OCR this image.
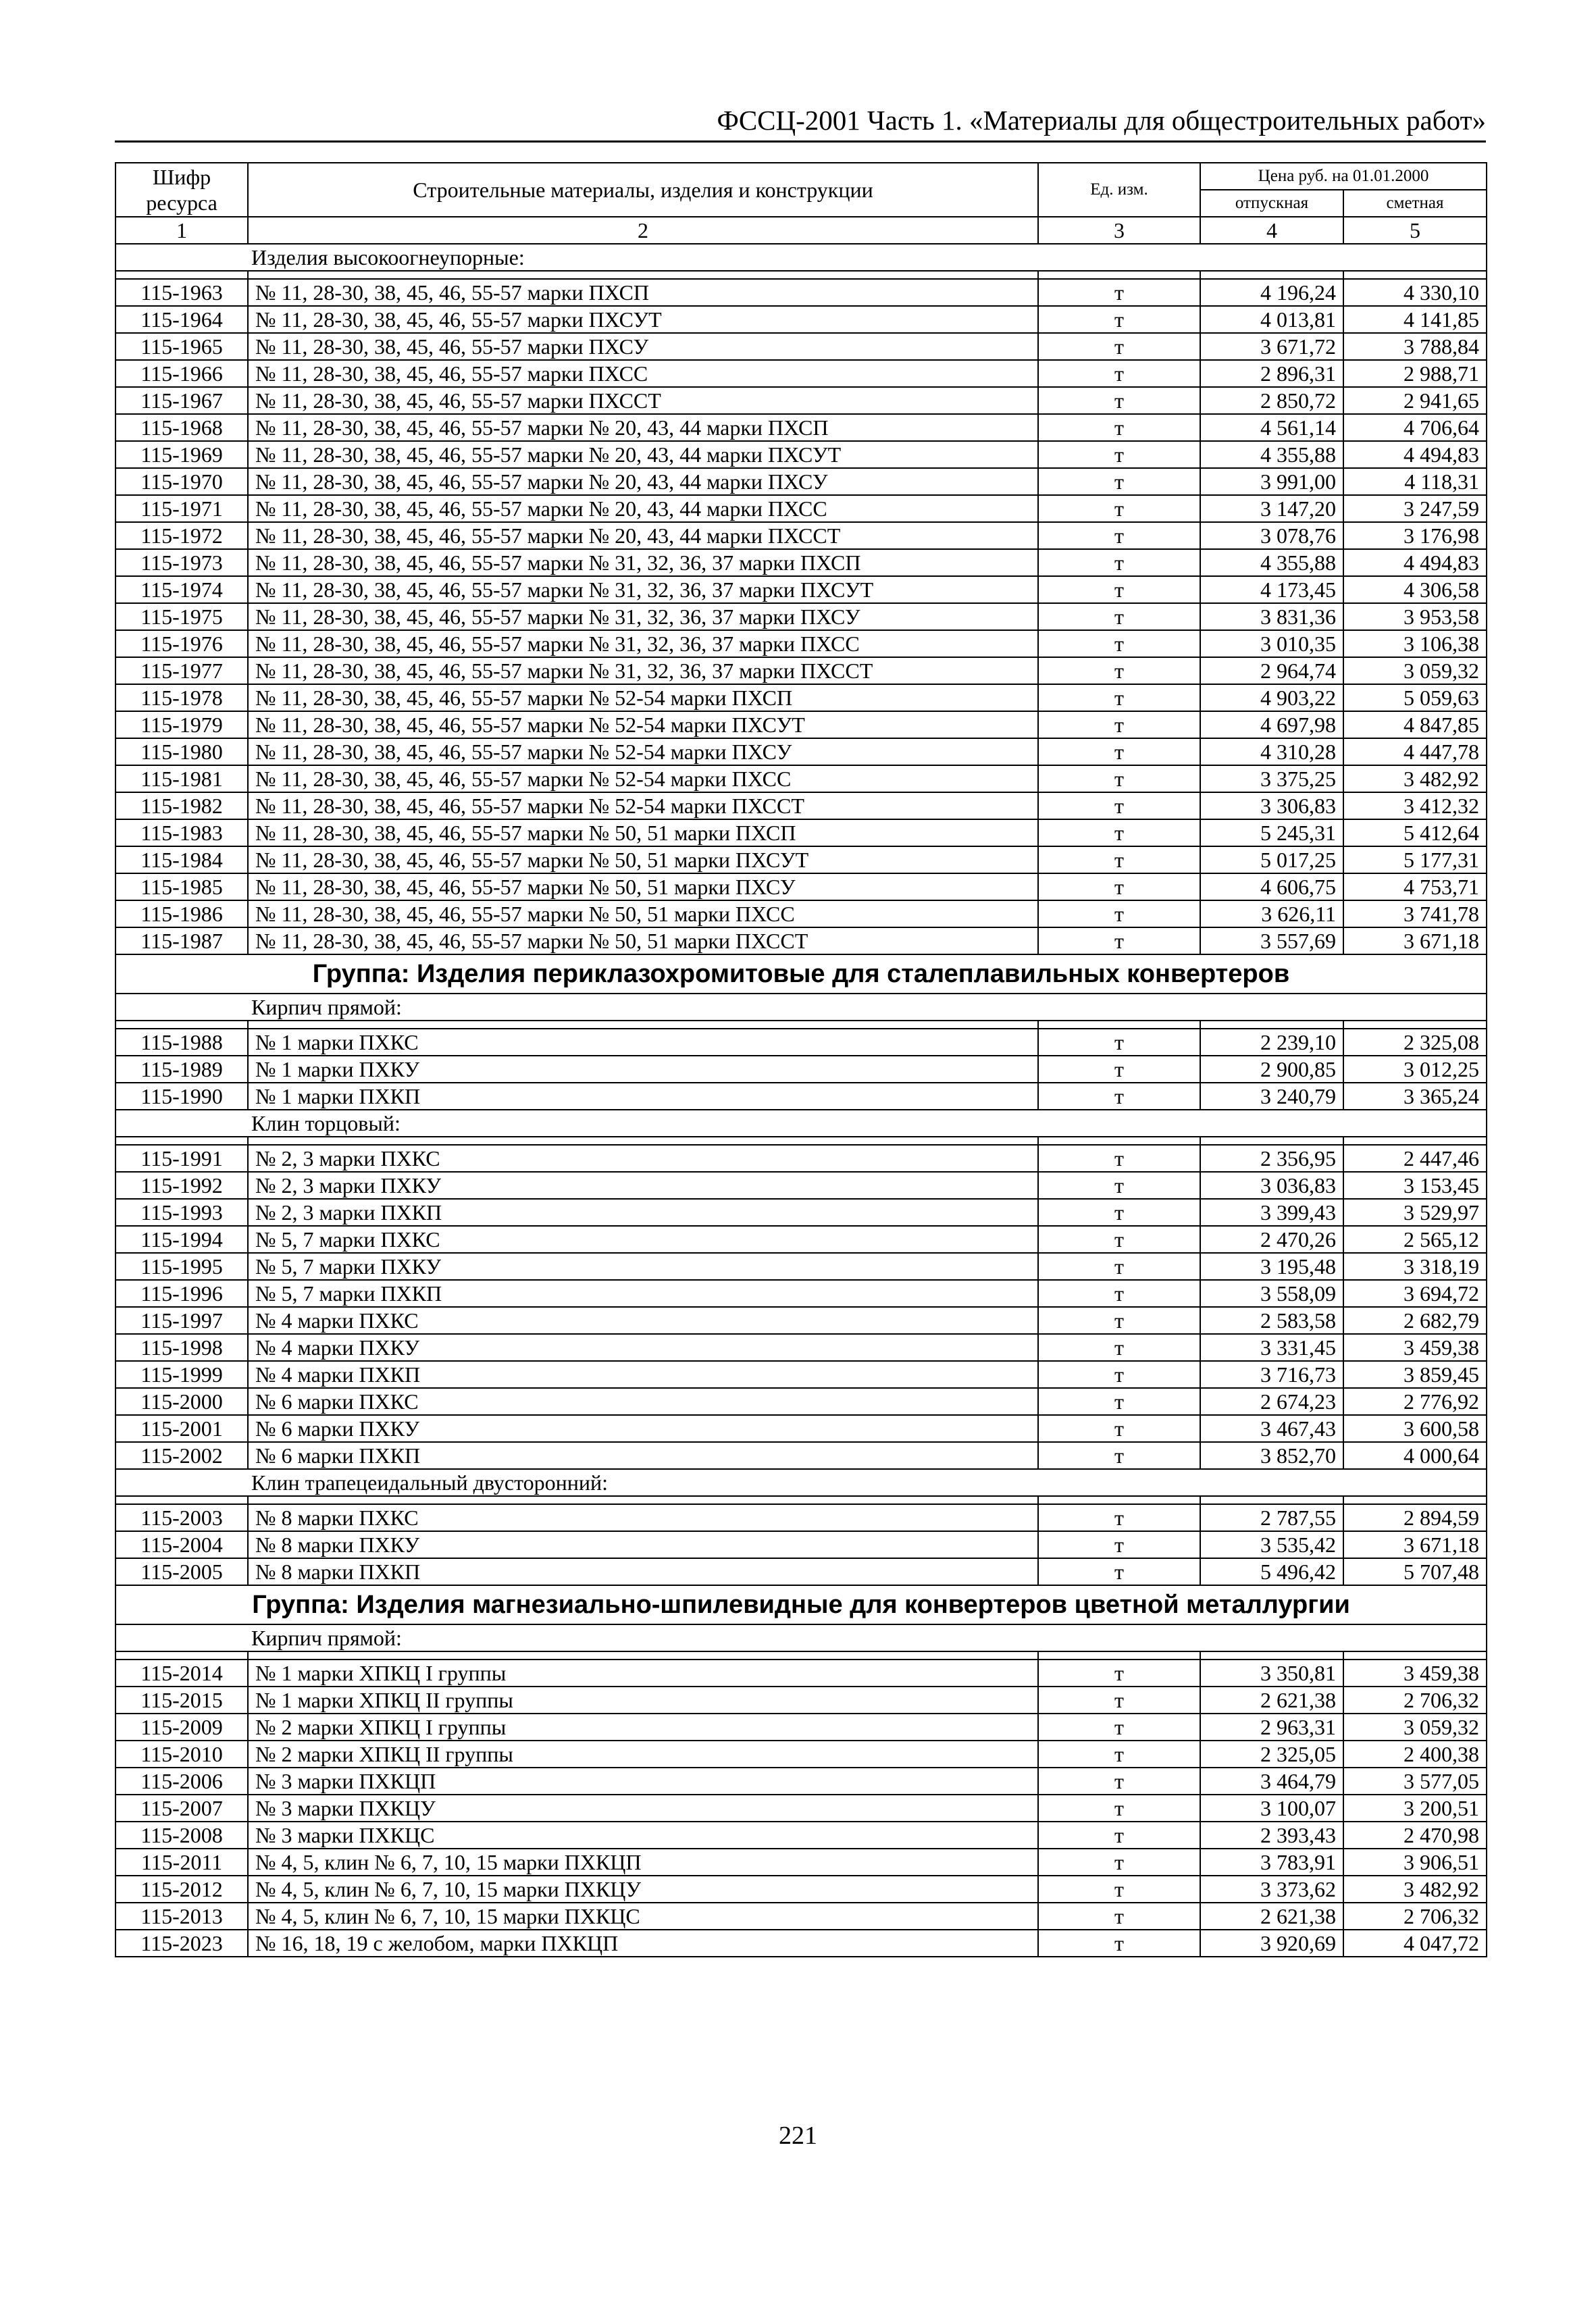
ФССЦ-2001 Часть 1. «Материалы для общестроительных работ»
Шифр ресурса	Строительные материалы, изделия и конструкции	Ед. изм.	Цена руб. на 01.01.2000	
			отпускная	сметная
1	2	3	4	5
Изделия высокоогнеупорные:				

115-1963	№ 11, 28-30, 38, 45, 46, 55-57 марки ПХСП	т	4 196,24	4 330,10
115-1964	№ 11, 28-30, 38, 45, 46, 55-57 марки ПХСУТ	т	4 013,81	4 141,85
115-1965	№ 11, 28-30, 38, 45, 46, 55-57 марки ПХСУ	т	3 671,72	3 788,84
115-1966	№ 11, 28-30, 38, 45, 46, 55-57 марки ПХСС	т	2 896,31	2 988,71
115-1967	№ 11, 28-30, 38, 45, 46, 55-57 марки ПХССТ	т	2 850,72	2 941,65
115-1968	№ 11, 28-30, 38, 45, 46, 55-57 марки № 20, 43, 44 марки ПХСП	т	4 561,14	4 706,64
115-1969	№ 11, 28-30, 38, 45, 46, 55-57 марки № 20, 43, 44 марки ПХСУТ	т	4 355,88	4 494,83
115-1970	№ 11, 28-30, 38, 45, 46, 55-57 марки № 20, 43, 44 марки ПХСУ	т	3 991,00	4 118,31
115-1971	№ 11, 28-30, 38, 45, 46, 55-57 марки № 20, 43, 44 марки ПХСС	т	3 147,20	3 247,59
115-1972	№ 11, 28-30, 38, 45, 46, 55-57 марки № 20, 43, 44 марки ПХССТ	т	3 078,76	3 176,98
115-1973	№ 11, 28-30, 38, 45, 46, 55-57 марки № 31, 32, 36, 37 марки ПХСП	т	4 355,88	4 494,83
115-1974	№ 11, 28-30, 38, 45, 46, 55-57 марки № 31, 32, 36, 37 марки ПХСУТ	т	4 173,45	4 306,58
115-1975	№ 11, 28-30, 38, 45, 46, 55-57 марки № 31, 32, 36, 37 марки ПХСУ	т	3 831,36	3 953,58
115-1976	№ 11, 28-30, 38, 45, 46, 55-57 марки № 31, 32, 36, 37 марки ПХСС	т	3 010,35	3 106,38
115-1977	№ 11, 28-30, 38, 45, 46, 55-57 марки № 31, 32, 36, 37 марки ПХССТ	т	2 964,74	3 059,32
115-1978	№ 11, 28-30, 38, 45, 46, 55-57 марки № 52-54 марки ПХСП	т	4 903,22	5 059,63
115-1979	№ 11, 28-30, 38, 45, 46, 55-57 марки № 52-54 марки ПХСУТ	т	4 697,98	4 847,85
115-1980	№ 11, 28-30, 38, 45, 46, 55-57 марки № 52-54 марки ПХСУ	т	4 310,28	4 447,78
115-1981	№ 11, 28-30, 38, 45, 46, 55-57 марки № 52-54 марки ПХСС	т	3 375,25	3 482,92
115-1982	№ 11, 28-30, 38, 45, 46, 55-57 марки № 52-54 марки ПХССТ	т	3 306,83	3 412,32
115-1983	№ 11, 28-30, 38, 45, 46, 55-57 марки № 50, 51 марки ПХСП	т	5 245,31	5 412,64
115-1984	№ 11, 28-30, 38, 45, 46, 55-57 марки № 50, 51 марки ПХСУТ	т	5 017,25	5 177,31
115-1985	№ 11, 28-30, 38, 45, 46, 55-57 марки № 50, 51 марки ПХСУ	т	4 606,75	4 753,71
115-1986	№ 11, 28-30, 38, 45, 46, 55-57 марки № 50, 51 марки ПХСС	т	3 626,11	3 741,78
115-1987	№ 11, 28-30, 38, 45, 46, 55-57 марки № 50, 51 марки ПХССТ	т	3 557,69	3 671,18
Группа: Изделия периклазохромитовые для сталеплавильных конвертеров				
Кирпич прямой:				

115-1988	№ 1 марки ПХКС	т	2 239,10	2 325,08
115-1989	№ 1 марки ПХКУ	т	2 900,85	3 012,25
115-1990	№ 1 марки ПХКП	т	3 240,79	3 365,24
Клин торцовый:				

115-1991	№ 2, 3 марки ПХКС	т	2 356,95	2 447,46
115-1992	№ 2, 3 марки ПХКУ	т	3 036,83	3 153,45
115-1993	№ 2, 3 марки ПХКП	т	3 399,43	3 529,97
115-1994	№ 5, 7 марки ПХКС	т	2 470,26	2 565,12
115-1995	№ 5, 7 марки ПХКУ	т	3 195,48	3 318,19
115-1996	№ 5, 7 марки ПХКП	т	3 558,09	3 694,72
115-1997	№ 4 марки ПХКС	т	2 583,58	2 682,79
115-1998	№ 4 марки ПХКУ	т	3 331,45	3 459,38
115-1999	№ 4 марки ПХКП	т	3 716,73	3 859,45
115-2000	№ 6 марки ПХКС	т	2 674,23	2 776,92
115-2001	№ 6 марки ПХКУ	т	3 467,43	3 600,58
115-2002	№ 6 марки ПХКП	т	3 852,70	4 000,64
Клин трапецеидальный двусторонний:				

115-2003	№ 8 марки ПХКС	т	2 787,55	2 894,59
115-2004	№ 8 марки ПХКУ	т	3 535,42	3 671,18
115-2005	№ 8 марки ПХКП	т	5 496,42	5 707,48
Группа: Изделия магнезиально-шпилевидные для конвертеров цветной металлургии				
Кирпич прямой:				

115-2014	№ 1 марки ХПКЦ I группы	т	3 350,81	3 459,38
115-2015	№ 1 марки ХПКЦ II группы	т	2 621,38	2 706,32
115-2009	№ 2 марки ХПКЦ I группы	т	2 963,31	3 059,32
115-2010	№ 2 марки ХПКЦ II группы	т	2 325,05	2 400,38
115-2006	№ 3 марки ПХКЦП	т	3 464,79	3 577,05
115-2007	№ 3 марки ПХКЦУ	т	3 100,07	3 200,51
115-2008	№ 3 марки ПХКЦС	т	2 393,43	2 470,98
115-2011	№ 4, 5, клин № 6, 7, 10, 15 марки ПХКЦП	т	3 783,91	3 906,51
115-2012	№ 4, 5, клин № 6, 7, 10, 15 марки ПХКЦУ	т	3 373,62	3 482,92
115-2013	№ 4, 5, клин № 6, 7, 10, 15 марки ПХКЦС	т	2 621,38	2 706,32
115-2023	№ 16, 18, 19 с желобом, марки ПХКЦП	т	3 920,69	4 047,72
221
